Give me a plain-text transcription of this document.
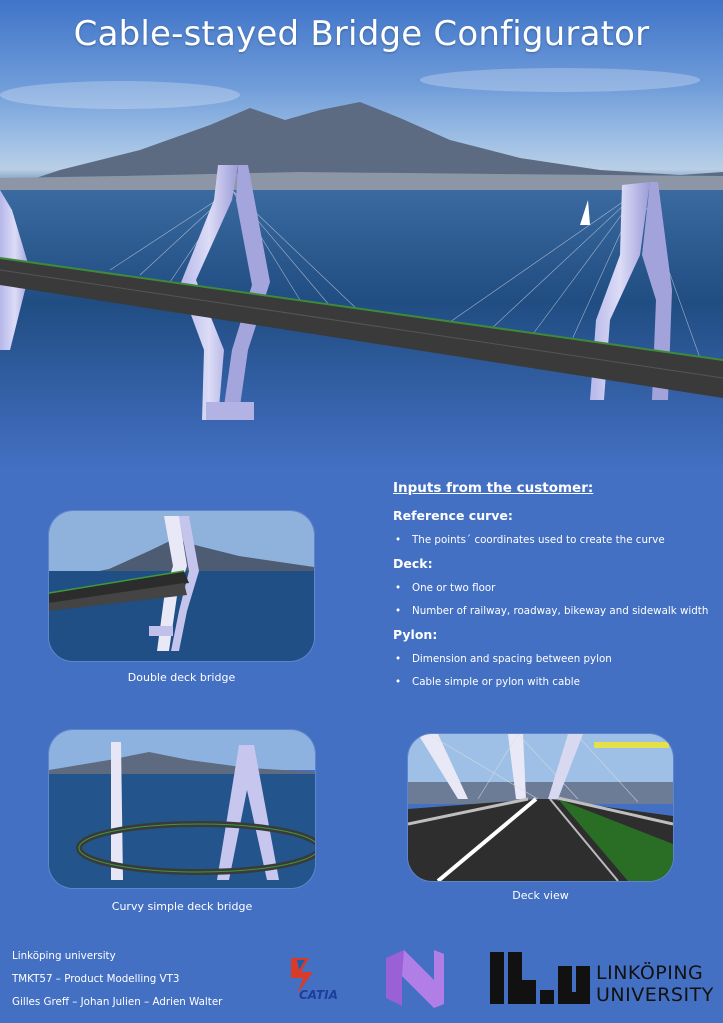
Cable-stayed Bridge Configurator
Double deck bridge
Inputs from the customer:
Reference curve:
• The points´ coordinates used to create the curve
Deck:
• One or two floor
• Number of railway, roadway, bikeway and sidewalk width
Pylon:
• Dimension and spacing between pylon
• Cable simple or pylon with cable
Curvy simple deck bridge
Deck view
Linköping university
TMKT57 – Product Modelling VT3
Gilles Greff – Johan Julien – Adrien Walter	CATIA
LINKÖPING
UNIVERSITY
